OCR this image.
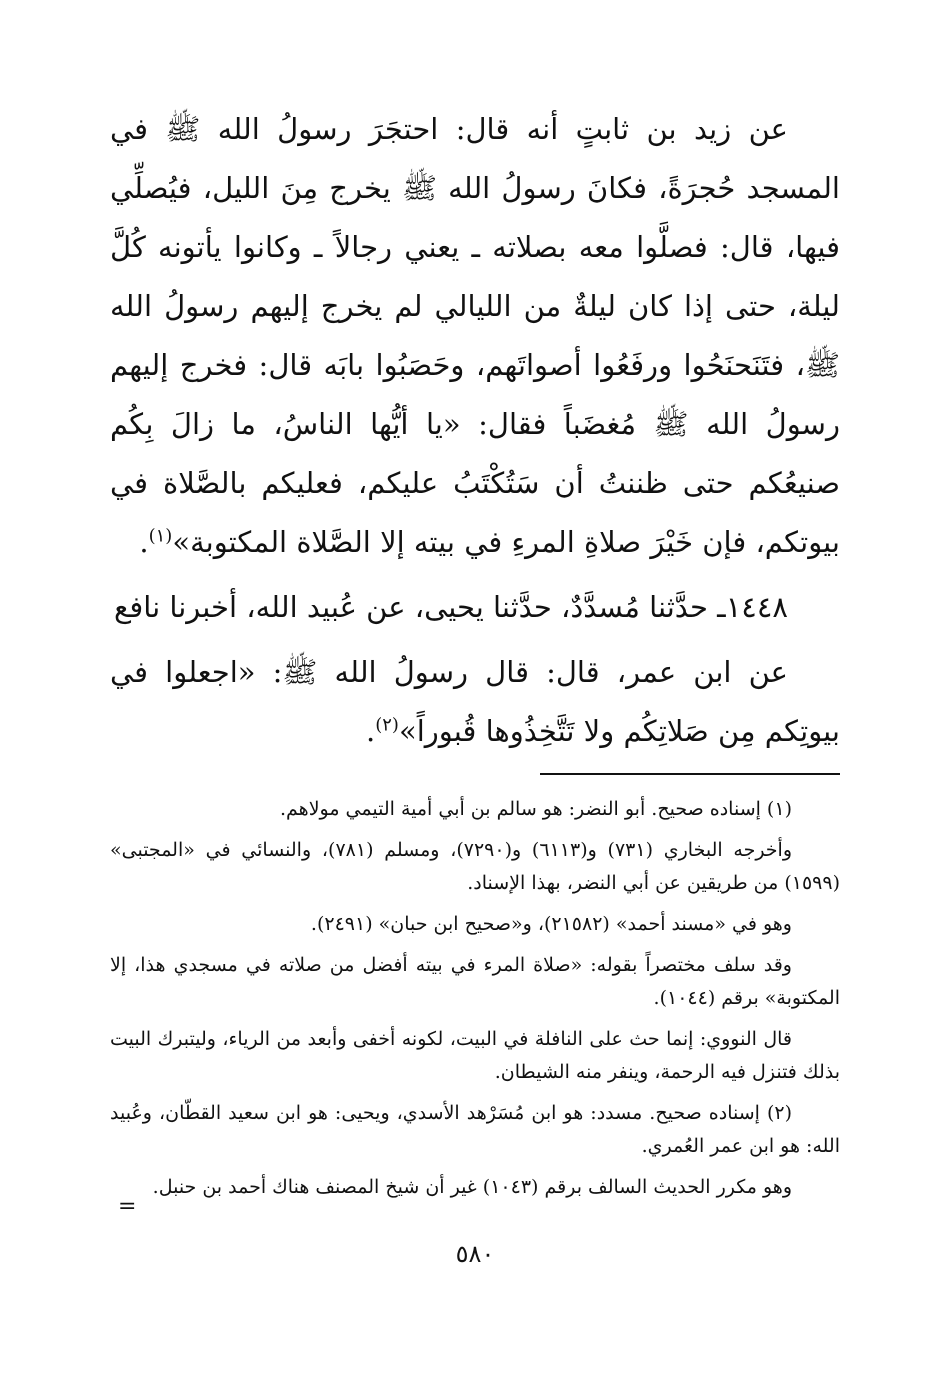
عن زيد بن ثابتٍ أنه قال: احتجَرَ رسولُ الله ﷺ في المسجد حُجرَةً، فكانَ رسولُ الله ﷺ يخرج مِنَ الليل، فيُصلِّي فيها، قال: فصلَّوا معه بصلاته ـ يعني رجالاً ـ وكانوا يأتونه كُلَّ ليلة، حتى إذا كان ليلةٌ من الليالي لم يخرج إليهم رسولُ الله ﷺ، فتَنَحنَحُوا ورفَعُوا أصواتَهم، وحَصَبُوا بابَه قال: فخرج إليهم رسولُ الله ﷺ مُغضَباً فقال: «يا أيُّها الناسُ، ما زالَ بِكُم صنيعُكم حتى ظننتُ أن سَتُكْتَبُ عليكم، فعليكم بالصَّلاة في بيوتكم، فإن خَيْرَ صلاةِ المرءِ في بيته إلا الصَّلاة المكتوبة»$^{(١)}$.

١٤٤٨ـ حدَّثنا مُسدَّدٌ، حدَّثنا يحيى، عن عُبيد الله، أخبرنا نافع

عن ابن عمر، قال: قال رسولُ الله ﷺ: «اجعلوا في بيوتِكم مِن صَلاتِكُم ولا تَتَّخِذُوها قُبوراً»$^{(٢)}$.

(١) إسناده صحيح. أبو النضر: هو سالم بن أبي أمية التيمي مولاهم.

وأخرجه البخاري (٧٣١) و(٦١١٣) و(٧٢٩٠)، ومسلم (٧٨١)، والنسائي في «المجتبى» (١٥٩٩) من طريقين عن أبي النضر، بهذا الإسناد.

وهو في «مسند أحمد» (٢١٥٨٢)، و«صحيح ابن حبان» (٢٤٩١).

وقد سلف مختصراً بقوله: «صلاة المرء في بيته أفضل من صلاته في مسجدي هذا، إلا المكتوبة» برقم (١٠٤٤).

قال النووي: إنما حث على النافلة في البيت، لكونه أخفى وأبعد من الرياء، وليتبرك البيت بذلك فتنزل فيه الرحمة، وينفر منه الشيطان.

(٢) إسناده صحيح. مسدد: هو ابن مُسَرْهد الأسدي، ويحيى: هو ابن سعيد القطّان، وعُبيد الله: هو ابن عمر العُمري.

وهو مكرر الحديث السالف برقم (١٠٤٣) غير أن شيخ المصنف هناك أحمد بن حنبل.

=
٥٨٠
